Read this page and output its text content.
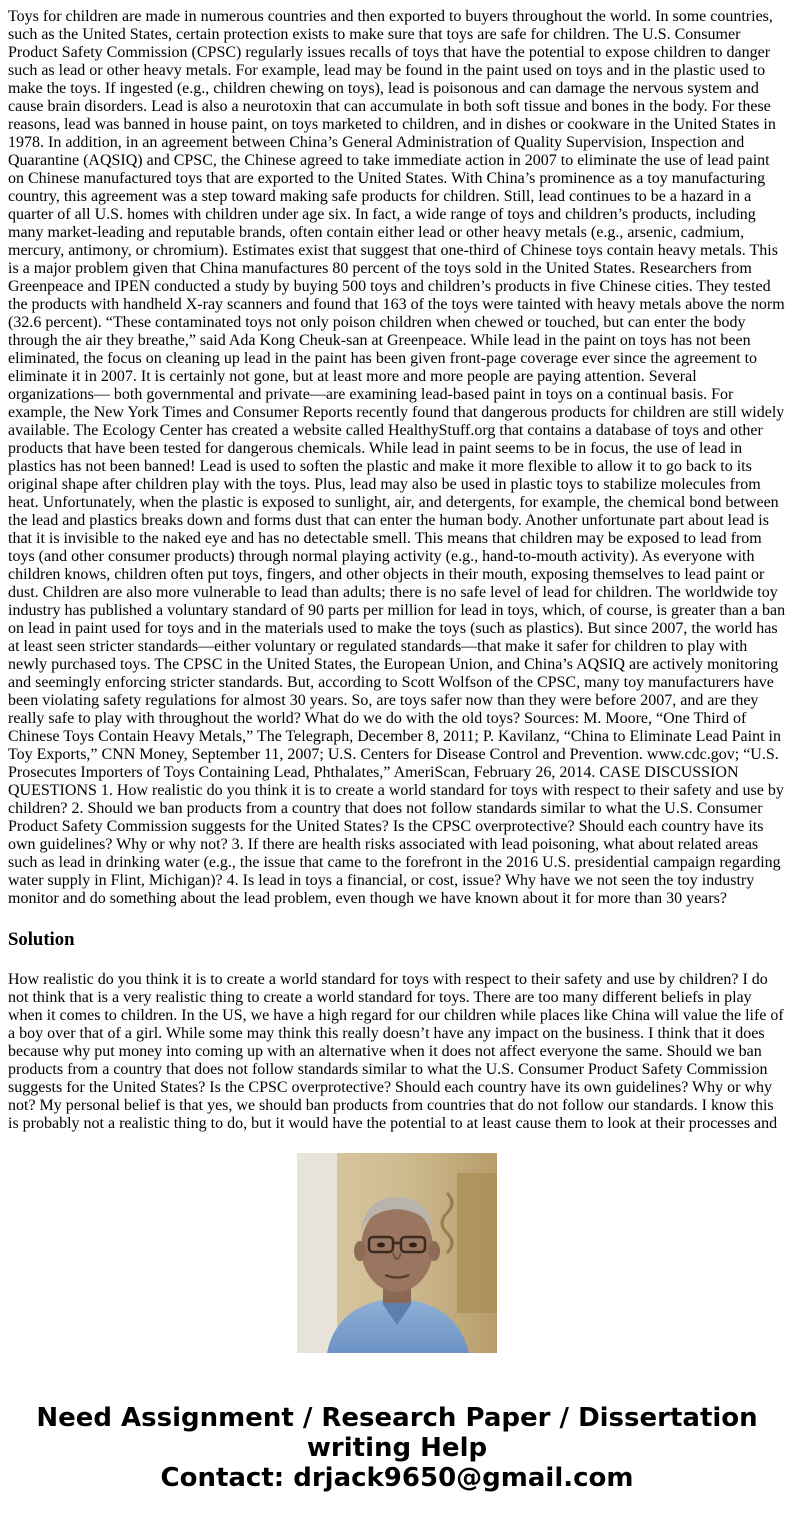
Toys for children are made in numerous countries and then exported to buyers throughout the world. In some countries, such as the United States, certain protection exists to make sure that toys are safe for children. The U.S. Consumer Product Safety Commission (CPSC) regularly issues recalls of toys that have the potential to expose children to danger such as lead or other heavy metals. For example, lead may be found in the paint used on toys and in the plastic used to make the toys. If ingested (e.g., children chewing on toys), lead is poisonous and can damage the nervous system and cause brain disorders. Lead is also a neurotoxin that can accumulate in both soft tissue and bones in the body. For these reasons, lead was banned in house paint, on toys marketed to children, and in dishes or cookware in the United States in 1978. In addition, in an agreement between China’s General Administration of Quality Supervision, Inspection and Quarantine (AQSIQ) and CPSC, the Chinese agreed to take immediate action in 2007 to eliminate the use of lead paint on Chinese manufactured toys that are exported to the United States. With China’s prominence as a toy manufacturing country, this agreement was a step toward making safe products for children. Still, lead continues to be a hazard in a quarter of all U.S. homes with children under age six. In fact, a wide range of toys and children’s products, including many market-leading and reputable brands, often contain either lead or other heavy metals (e.g., arsenic, cadmium, mercury, antimony, or chromium). Estimates exist that suggest that one-third of Chinese toys contain heavy metals. This is a major problem given that China manufactures 80 percent of the toys sold in the United States. Researchers from Greenpeace and IPEN conducted a study by buying 500 toys and children’s products in five Chinese cities. They tested the products with handheld X-ray scanners and found that 163 of the toys were tainted with heavy metals above the norm (32.6 percent). “These contaminated toys not only poison children when chewed or touched, but can enter the body through the air they breathe,” said Ada Kong Cheuk-san at Greenpeace. While lead in the paint on toys has not been eliminated, the focus on cleaning up lead in the paint has been given front-page coverage ever since the agreement to eliminate it in 2007. It is certainly not gone, but at least more and more people are paying attention. Several organizations— both governmental and private—are examining lead-based paint in toys on a continual basis. For example, the New York Times and Consumer Reports recently found that dangerous products for children are still widely available. The Ecology Center has created a website called HealthyStuff.org that contains a database of toys and other products that have been tested for dangerous chemicals. While lead in paint seems to be in focus, the use of lead in plastics has not been banned! Lead is used to soften the plastic and make it more flexible to allow it to go back to its original shape after children play with the toys. Plus, lead may also be used in plastic toys to stabilize molecules from heat. Unfortunately, when the plastic is exposed to sunlight, air, and detergents, for example, the chemical bond between the lead and plastics breaks down and forms dust that can enter the human body. Another unfortunate part about lead is that it is invisible to the naked eye and has no detectable smell. This means that children may be exposed to lead from toys (and other consumer products) through normal playing activity (e.g., hand-to-mouth activity). As everyone with children knows, children often put toys, fingers, and other objects in their mouth, exposing themselves to lead paint or dust. Children are also more vulnerable to lead than adults; there is no safe level of lead for children. The worldwide toy industry has published a voluntary standard of 90 parts per million for lead in toys, which, of course, is greater than a ban on lead in paint used for toys and in the materials used to make the toys (such as plastics). But since 2007, the world has at least seen stricter standards—either voluntary or regulated standards—that make it safer for children to play with newly purchased toys. The CPSC in the United States, the European Union, and China’s AQSIQ are actively monitoring and seemingly enforcing stricter standards. But, according to Scott Wolfson of the CPSC, many toy manufacturers have been violating safety regulations for almost 30 years. So, are toys safer now than they were before 2007, and are they really safe to play with throughout the world? What do we do with the old toys? Sources: M. Moore, “One Third of Chinese Toys Contain Heavy Metals,” The Telegraph, December 8, 2011; P. Kavilanz, “China to Eliminate Lead Paint in Toy Exports,” CNN Money, September 11, 2007; U.S. Centers for Disease Control and Prevention. www.cdc.gov; “U.S. Prosecutes Importers of Toys Containing Lead, Phthalates,” AmeriScan, February 26, 2014. CASE DISCUSSION QUESTIONS 1. How realistic do you think it is to create a world standard for toys with respect to their safety and use by children? 2. Should we ban products from a country that does not follow standards similar to what the U.S. Consumer Product Safety Commission suggests for the United States? Is the CPSC overprotective? Should each country have its own guidelines? Why or why not? 3. If there are health risks associated with lead poisoning, what about related areas such as lead in drinking water (e.g., the issue that came to the forefront in the 2016 U.S. presidential campaign regarding water supply in Flint, Michigan)? 4. Is lead in toys a financial, or cost, issue? Why have we not seen the toy industry monitor and do something about the lead problem, even though we have known about it for more than 30 years?

Solution

How realistic do you think it is to create a world standard for toys with respect to their safety and use by children? I do not think that is a very realistic thing to create a world standard for toys. There are too many different beliefs in play when it comes to children. In the US, we have a high regard for our children while places like China will value the life of a boy over that of a girl. While some may think this really doesn’t have any impact on the business. I think that it does because why put money into coming up with an alternative when it does not affect everyone the same. Should we ban products from a country that does not follow standards similar to what the U.S. Consumer Product Safety Commission suggests for the United States? Is the CPSC overprotective? Should each country have its own guidelines? Why or why not? My personal belief is that yes, we should ban products from countries that do not follow our standards. I know this is probably not a realistic thing to do, but it would have the potential to at least cause them to look at their processes and

Need Assignment / Research Paper / Dissertation
writing Help
Contact: drjack9650@gmail.com
